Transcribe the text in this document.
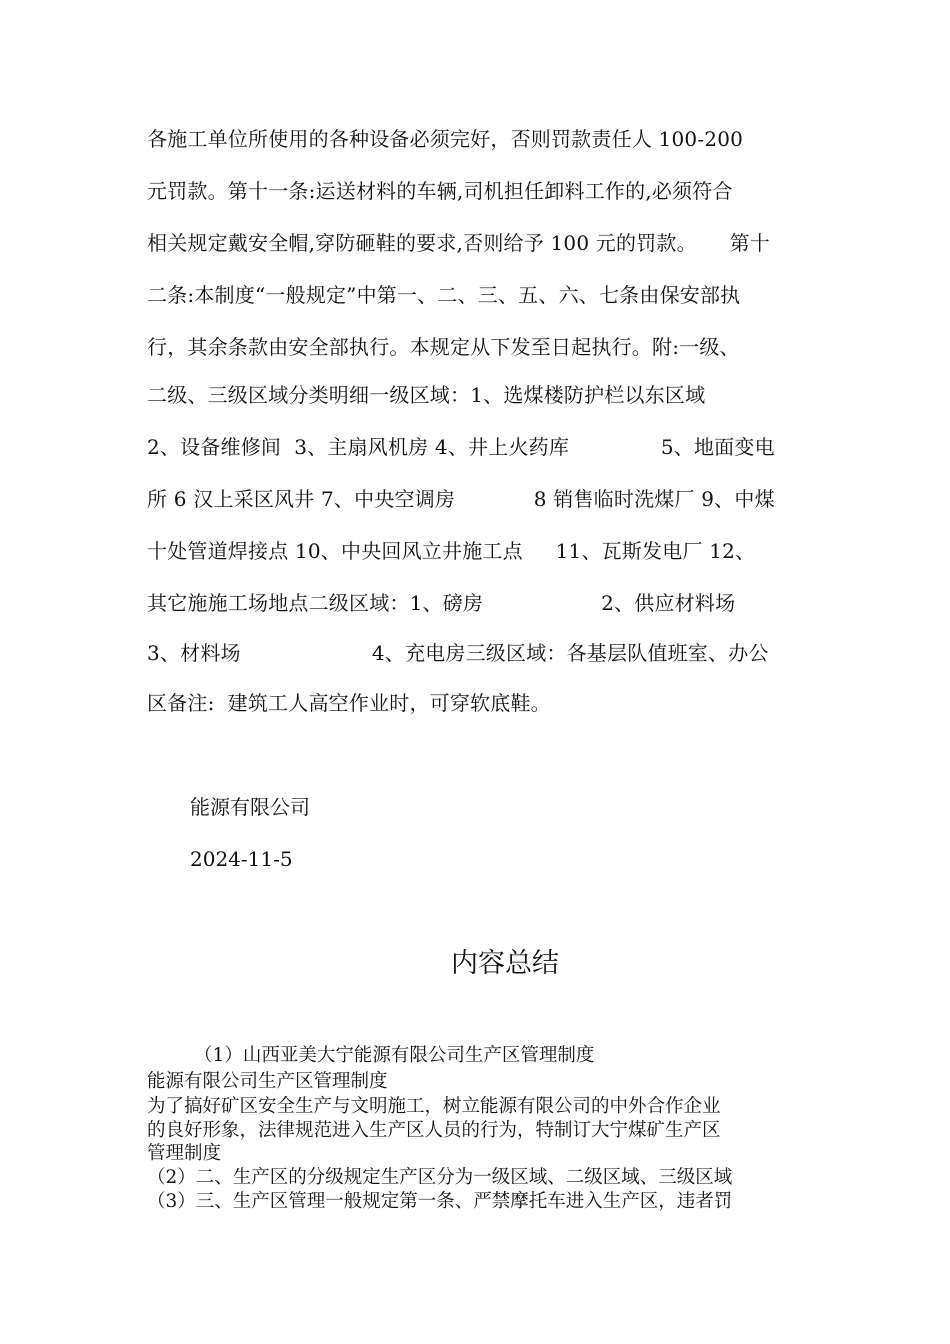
各施工单位所使用的各种设备必须完好，否则罚款责任人 100-200
元罚款。第十一条:运送材料的车辆,司机担任卸料工作的,必须符合
相关规定戴安全帽,穿防砸鞋的要求,否则给予 100 元的罚款。     第十
二条:本制度“一般规定”中第一、二、三、五、六、七条由保安部执
行，其余条款由安全部执行。本规定从下发至日起执行。附:一级、
二级、三级区域分类明细一级区域：1、选煤楼防护栏以东区域
2、设备维修间  3、主扇风机房 4、井上火药库              5、地面变电
所 6 汉上采区风井 7、中央空调房            8 销售临时洗煤厂 9、中煤
十处管道焊接点 10、中央回风立井施工点     11、瓦斯发电厂 12、
其它施施工场地点二级区域：1、磅房                  2、供应材料场
3、材料场                    4、充电房三级区域：各基层队值班室、办公
区备注:  建筑工人高空作业时，可穿软底鞋。
能源有限公司
2024-11-5
内容总结
（1）山西亚美大宁能源有限公司生产区管理制度
能源有限公司生产区管理制度
为了搞好矿区安全生产与文明施工，树立能源有限公司的中外合作企业
的良好形象，法律规范进入生产区人员的行为，特制订大宁煤矿生产区
管理制度
（2）二、生产区的分级规定生产区分为一级区域、二级区域、三级区域
（3）三、生产区管理一般规定第一条、严禁摩托车进入生产区，违者罚
